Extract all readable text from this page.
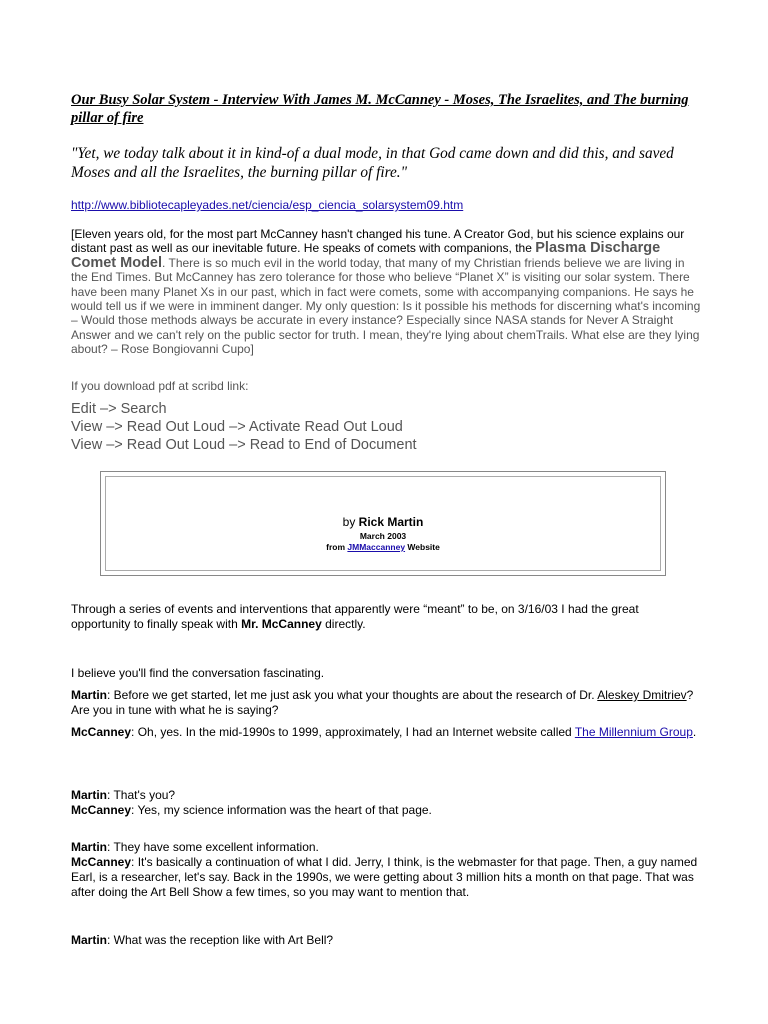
Our Busy Solar System - Interview With James M. McCanney - Moses, The Israelites, and The burning pillar of fire
"Yet, we today talk about it in kind-of a dual mode, in that God came down and did this, and saved Moses and all the Israelites, the burning pillar of fire."
http://www.bibliotecapleyades.net/ciencia/esp_ciencia_solarsystem09.htm
[Eleven years old, for the most part McCanney hasn't changed his tune. A Creator God, but his science explains our distant past as well as our inevitable future. He speaks of comets with companions, the Plasma Discharge Comet Model. There is so much evil in the world today, that many of my Christian friends believe we are living in the End Times. But McCanney has zero tolerance for those who believe “Planet X” is visiting our solar system. There have been many Planet Xs in our past, which in fact were comets, some with accompanying companions. He says he would tell us if we were in imminent danger. My only question: Is it possible his methods for discerning what's incoming – Would those methods always be accurate in every instance? Especially since NASA stands for Never A Straight Answer and we can't rely on the public sector for truth. I mean, they're lying about chemTrails. What else are they lying about? – Rose Bongiovanni Cupo]
If you download pdf at scribd link:
Edit –> Search
View –> Read Out Loud –> Activate Read Out Loud
View –> Read Out Loud –> Read to End of Document
by Rick Martin
March 2003
from JMMaccanney Website
Through a series of events and interventions that apparently were “meant” to be, on 3/16/03 I had the great opportunity to finally speak with Mr. McCanney directly.
I believe you'll find the conversation fascinating.
Martin: Before we get started, let me just ask you what your thoughts are about the research of Dr. Aleskey Dmitriev? Are you in tune with what he is saying?
McCanney: Oh, yes. In the mid-1990s to 1999, approximately, I had an Internet website called The Millennium Group.
Martin: That's you?
McCanney: Yes, my science information was the heart of that page.
Martin: They have some excellent information.
McCanney: It's basically a continuation of what I did. Jerry, I think, is the webmaster for that page. Then, a guy named Earl, is a researcher, let's say. Back in the 1990s, we were getting about 3 million hits a month on that page. That was after doing the Art Bell Show a few times, so you may want to mention that.
Martin: What was the reception like with Art Bell?
